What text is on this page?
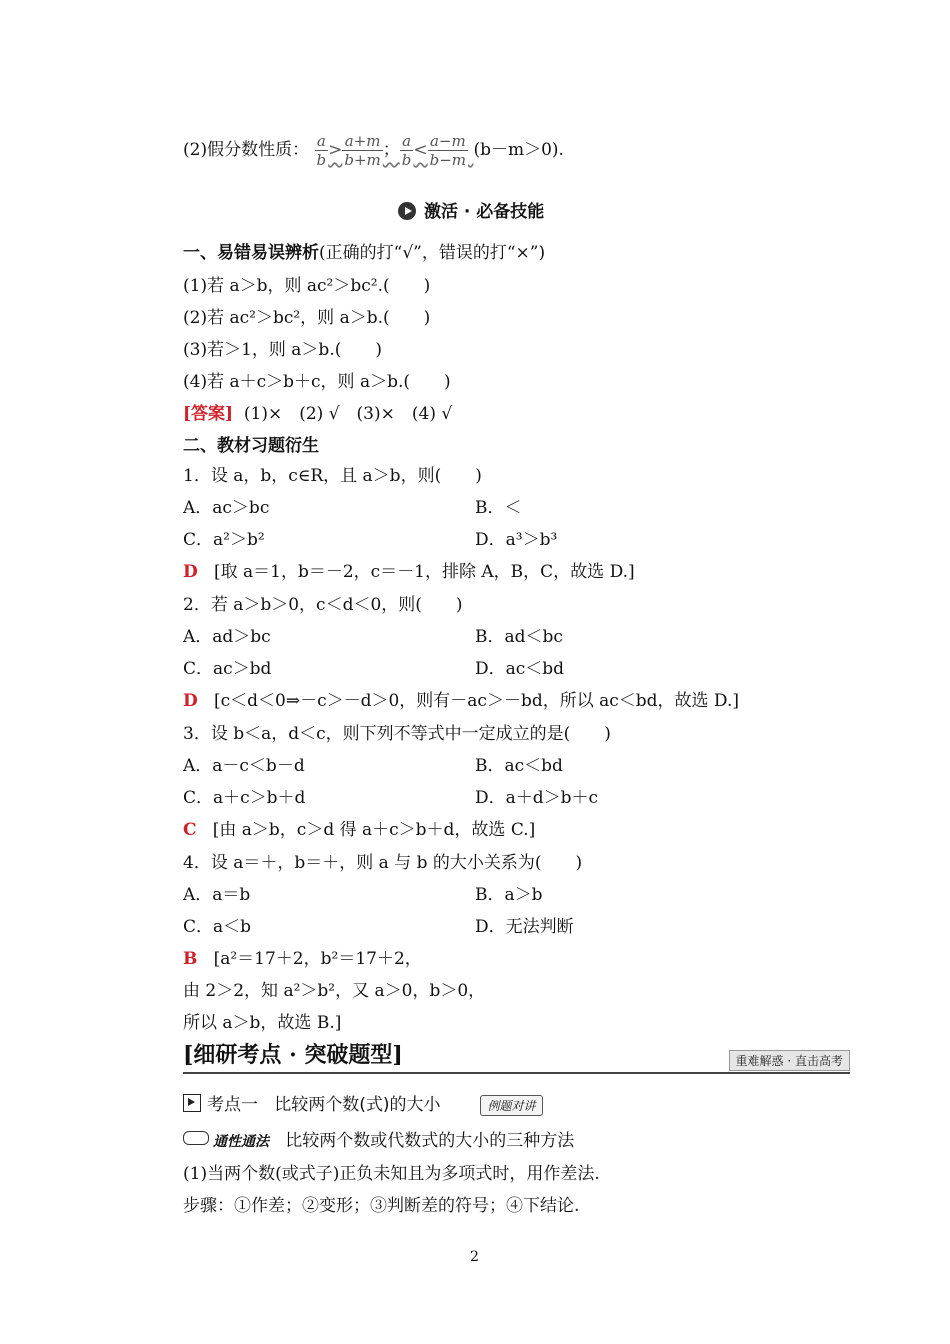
(2)假分数性质： $\frac{a}{b} > \frac{a+m}{b+m}$ ； $\frac{a}{b} < \frac{a-m}{b-m} (b-m>0)$.
激活 · 必备技能
一、易错易误辨析(正确的打“√”，错误的打“×”)
(1)若 a＞b，则 ac²＞bc².(　　)
(2)若 ac²＞bc²，则 a＞b.(　　)
(3)若＞1，则 a＞b.(　　)
(4)若 a＋c＞b＋c，则 a＞b.(　　)
[答案] (1)×　(2) √　(3)×　(4) √
二、教材习题衍生
1．设 a，b，c∈R，且 a＞b，则(　　)
A．ac＞bc	B．＜
C．a²＞b²	D．a³＞b³
D [取 a＝1，b＝－2，c＝－1，排除 A，B，C，故选 D.]
2．若 a＞b＞0，c＜d＜0，则(　　)
A．ad＞bc	B．ad＜bc
C．ac＞bd	D．ac＜bd
D [c＜d＜0⇒－c＞－d＞0，则有－ac＞－bd，所以 ac＜bd，故选 D.]
3．设 b＜a，d＜c，则下列不等式中一定成立的是(　　)
A．a－c＜b－d	B．ac＜bd
C．a＋c＞b＋d	D．a＋d＞b＋c
C [由 a＞b，c＞d 得 a＋c＞b＋d，故选 C.]
4．设 a＝＋，b＝＋，则 a 与 b 的大小关系为(　　)
A．a＝b	B．a＞b
C．a＜b	D．无法判断
B [a²＝17＋2，b²＝17＋2，
由 2＞2，知 a²＞b²，又 a＞0，b＞0，
所以 a＞b，故选 B.]
[细研考点 · 突破题型]	重难解惑 · 直击高考
考点一 比较两个数(式)的大小	例题对讲
通性通法 比较两个数或代数式的大小的三种方法
(1)当两个数(或式子)正负未知且为多项式时，用作差法.
步骤：①作差；②变形；③判断差的符号；④下结论.
2
